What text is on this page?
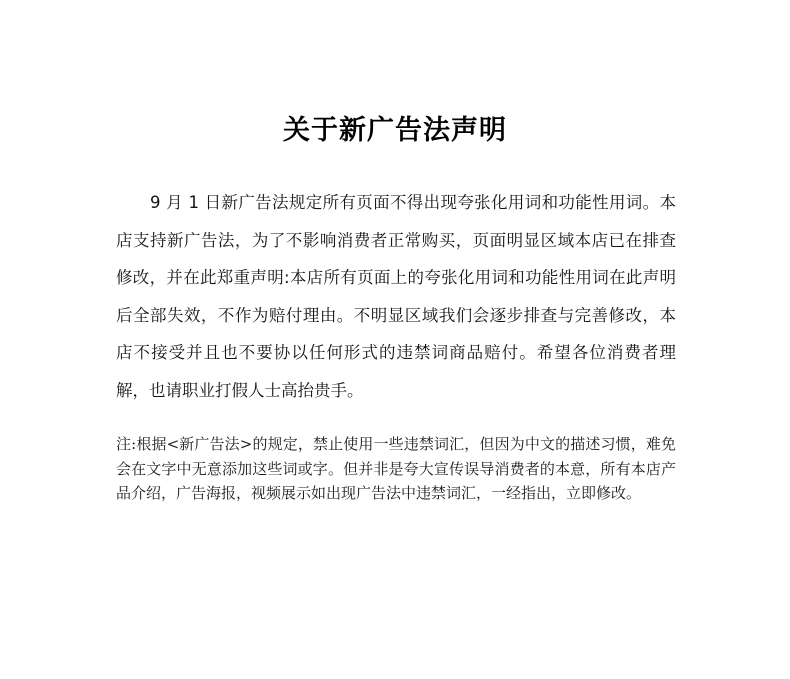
关于新广告法声明
9 月 1 日新广告法规定所有页面不得出现夸张化用词和功能性用词。本店支持新广告法，为了不影响消费者正常购买，页面明显区域本店已在排查修改，并在此郑重声明:本店所有页面上的夸张化用词和功能性用词在此声明后全部失效，不作为赔付理由。不明显区域我们会逐步排查与完善修改，本店不接受并且也不要协以任何形式的违禁词商品赔付。希望各位消费者理解，也请职业打假人士高抬贵手。
注:根据<新广告法>的规定，禁止使用一些违禁词汇，但因为中文的描述习惯，难免会在文字中无意添加这些词或字。但并非是夸大宣传误导消费者的本意，所有本店产品介绍，广告海报，视频展示如出现广告法中违禁词汇，一经指出，立即修改。
